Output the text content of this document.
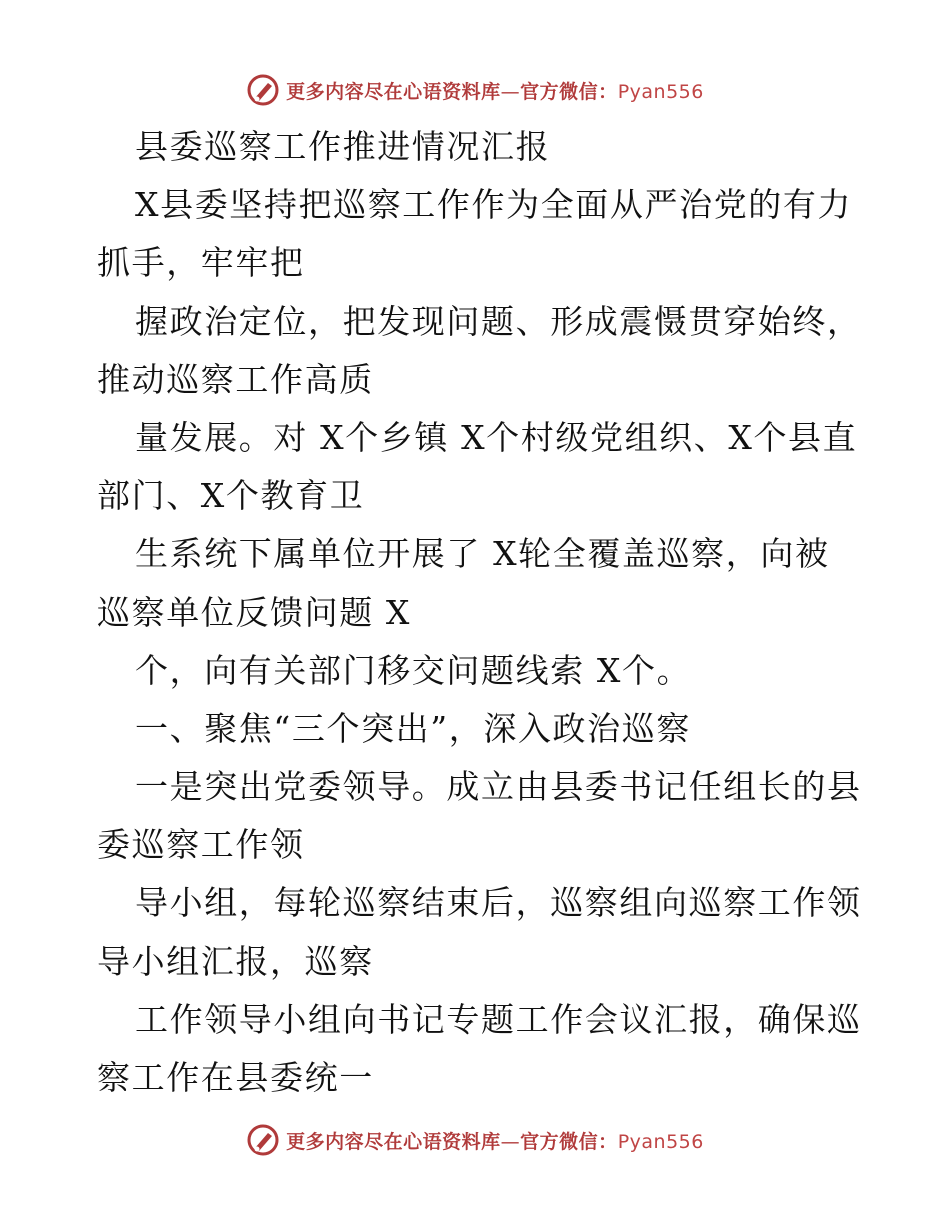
更多内容尽在心语资料库—官方微信：Pyan556
县委巡察工作推进情况汇报
X县委坚持把巡察工作作为全面从严治党的有力
抓手，牢牢把
握政治定位，把发现问题、形成震慑贯穿始终，
推动巡察工作高质
量发展。对 X个乡镇 X个村级党组织、X个县直
部门、X个教育卫
生系统下属单位开展了 X轮全覆盖巡察，向被
巡察单位反馈问题 X
个，向有关部门移交问题线索 X个。
一、聚焦“三个突出”，深入政治巡察
一是突出党委领导。成立由县委书记任组长的县
委巡察工作领
导小组，每轮巡察结束后，巡察组向巡察工作领
导小组汇报，巡察
工作领导小组向书记专题工作会议汇报，确保巡
察工作在县委统一
更多内容尽在心语资料库—官方微信：Pyan556
